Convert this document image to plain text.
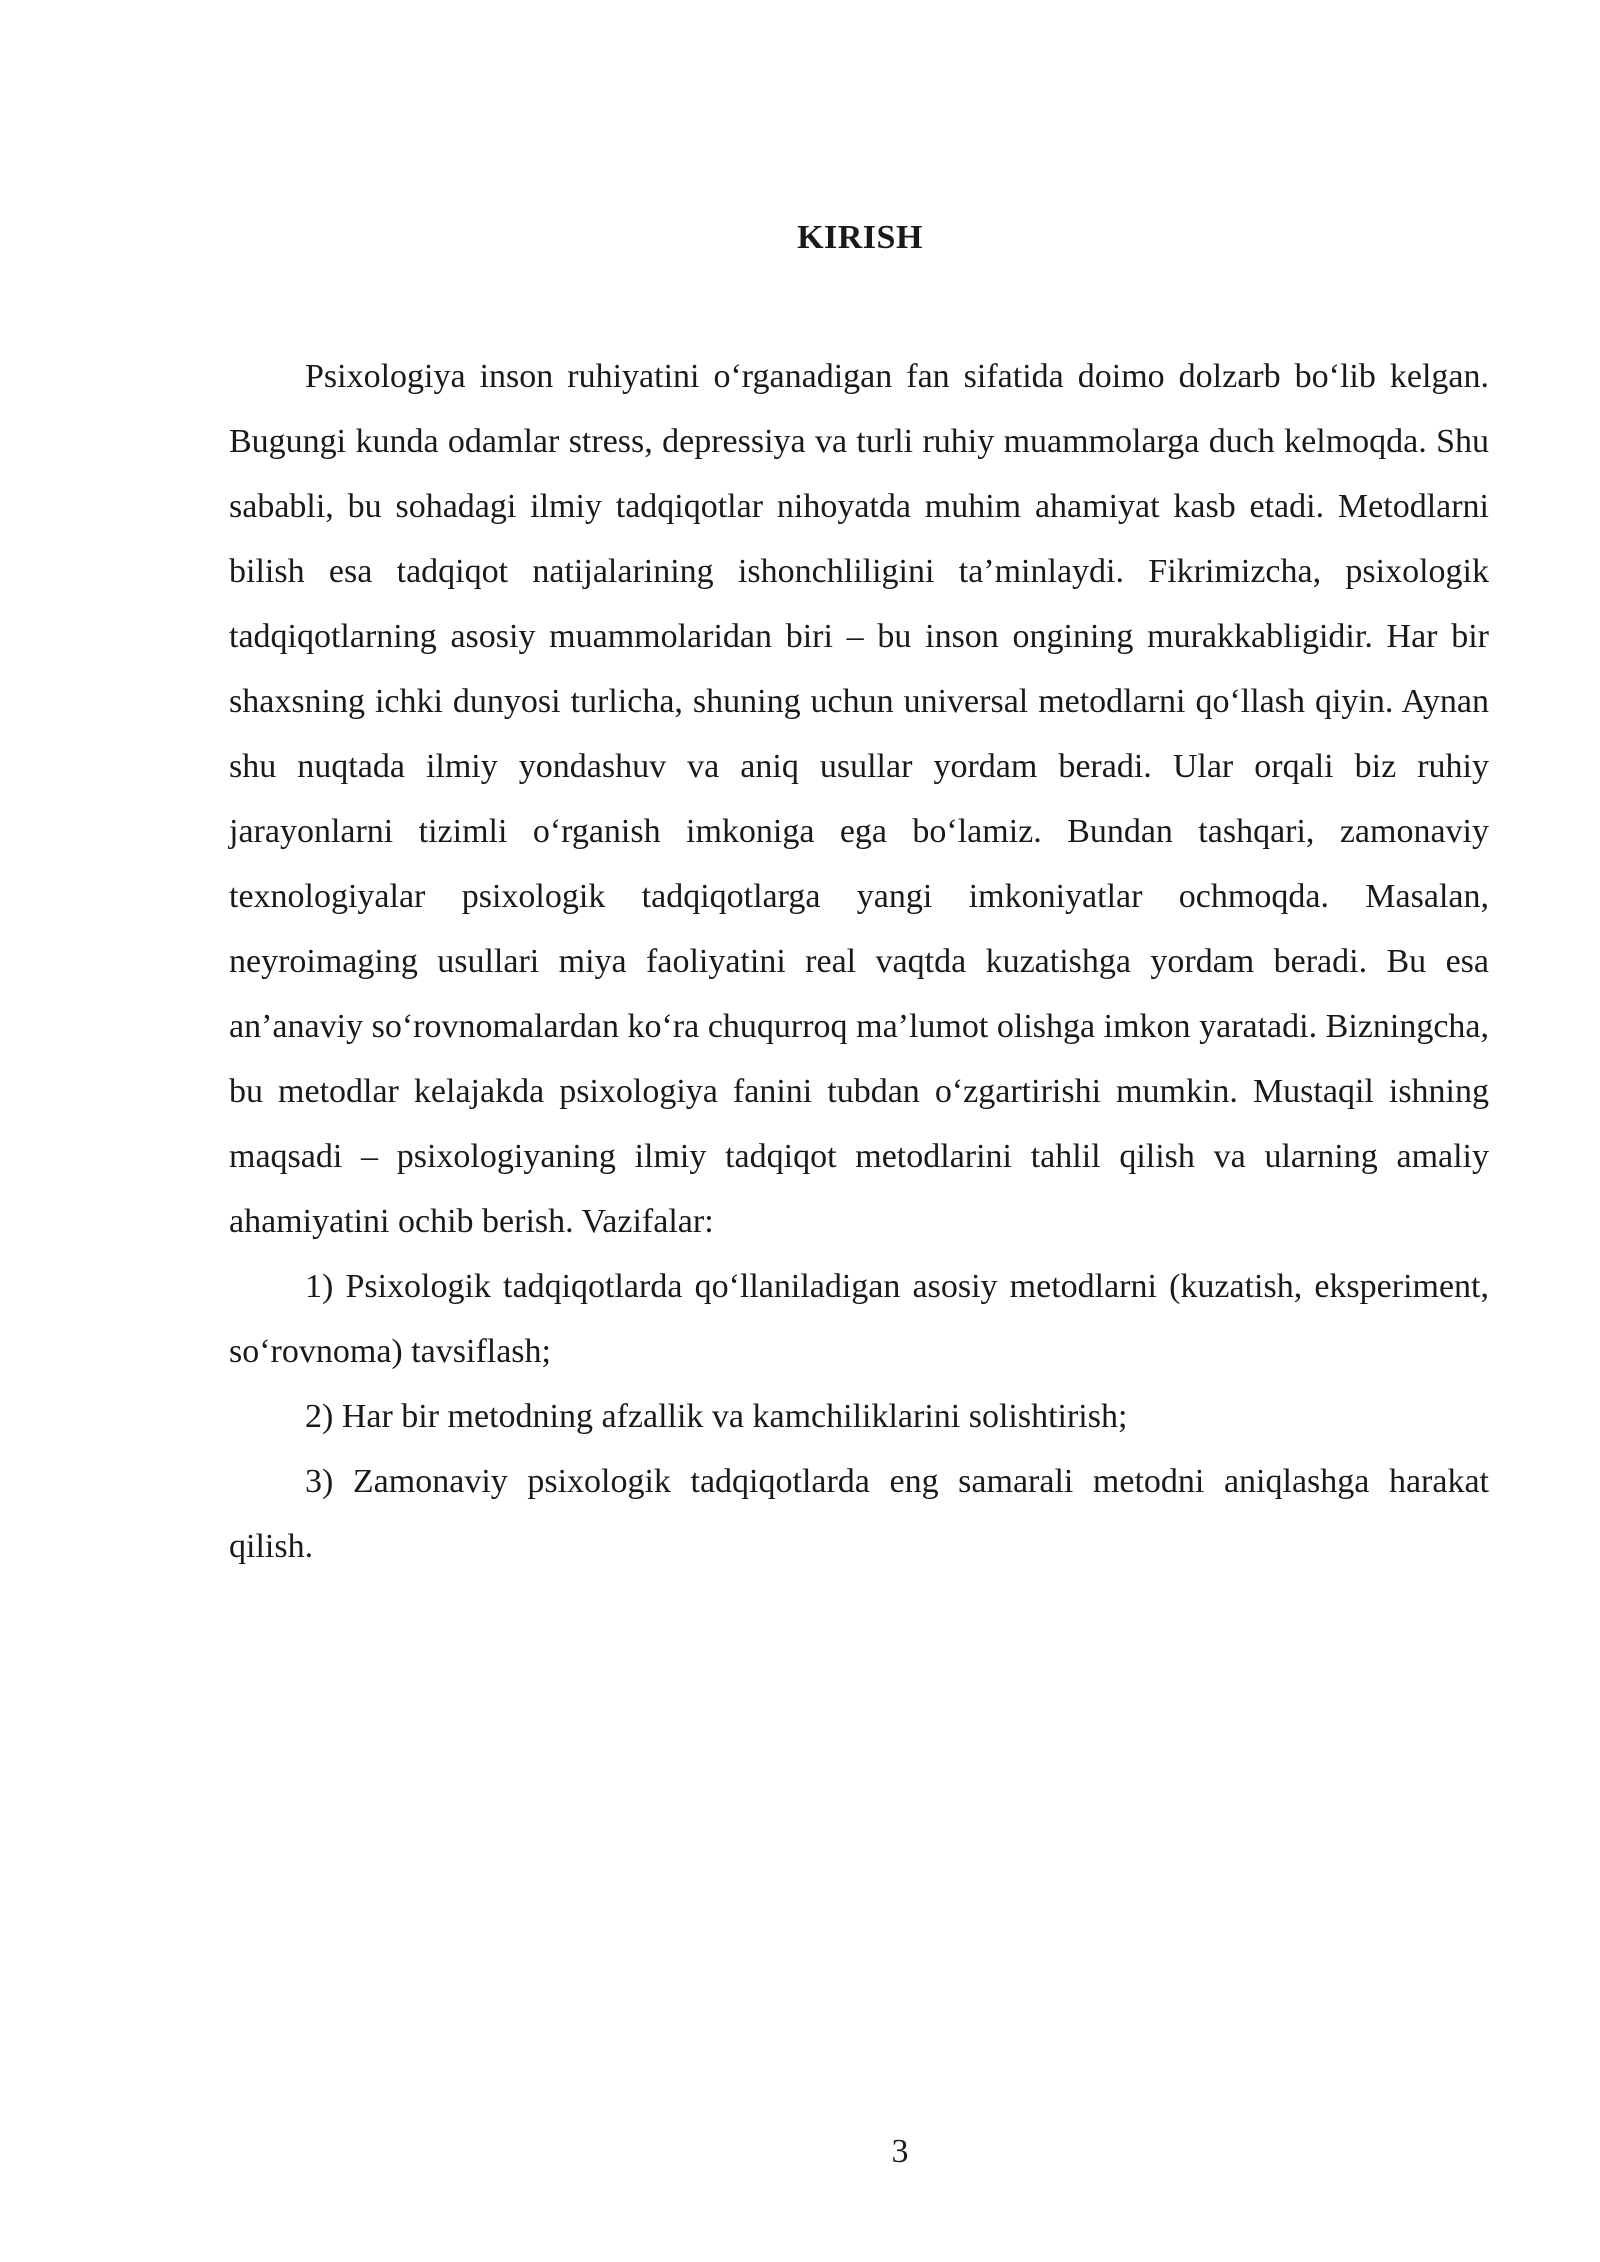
KIRISH

Psixologiya inson ruhiyatini o‘rganadigan fan sifatida doimo dolzarb bo‘lib kelgan. Bugungi kunda odamlar stress, depressiya va turli ruhiy muammolarga duch kelmoqda. Shu sababli, bu sohadagi ilmiy tadqiqotlar nihoyatda muhim ahamiyat kasb etadi. Metodlarni bilish esa tadqiqot natijalarining ishonchliligini ta’minlaydi. Fikrimizcha, psixologik tadqiqotlarning asosiy muammolaridan biri – bu inson ongining murakkabligidir. Har bir shaxsning ichki dunyosi turlicha, shuning uchun universal metodlarni qo‘llash qiyin. Aynan shu nuqtada ilmiy yondashuv va aniq usullar yordam beradi. Ular orqali biz ruhiy jarayonlarni tizimli o‘rganish imkoniga ega bo‘lamiz. Bundan tashqari, zamonaviy texnologiyalar psixologik tadqiqotlarga yangi imkoniyatlar ochmoqda. Masalan, neyroimaging usullari miya faoliyatini real vaqtda kuzatishga yordam beradi. Bu esa an’anaviy so‘rovnomalardan ko‘ra chuqurroq ma’lumot olishga imkon yaratadi. Bizningcha, bu metodlar kelajakda psixologiya fanini tubdan o‘zgartirishi mumkin. Mustaqil ishning maqsadi – psixologiyaning ilmiy tadqiqot metodlarini tahlil qilish va ularning amaliy ahamiyatini ochib berish. Vazifalar:

1) Psixologik tadqiqotlarda qo‘llaniladigan asosiy metodlarni (kuzatish, eksperiment, so‘rovnoma) tavsiflash;

2) Har bir metodning afzallik va kamchiliklarini solishtirish;

3) Zamonaviy psixologik tadqiqotlarda eng samarali metodni aniqlashga harakat qilish.

3
